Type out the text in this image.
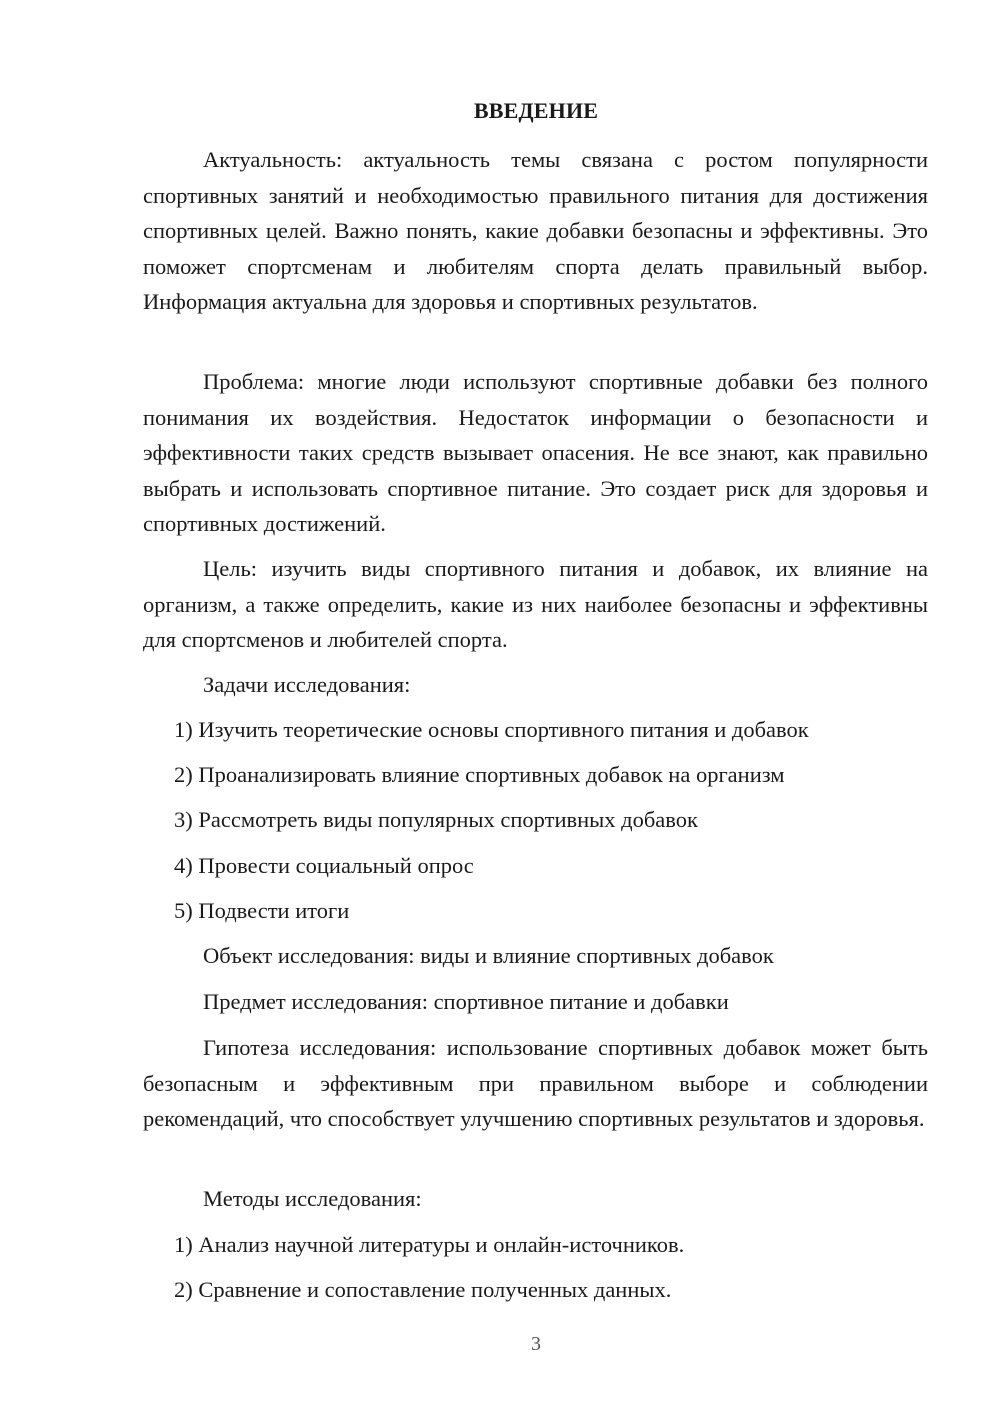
ВВЕДЕНИЕ

Актуальность: актуальность темы связана с ростом популярности спортивных занятий и необходимостью правильного питания для достижения спортивных целей. Важно понять, какие добавки безопасны и эффективны. Это поможет спортсменам и любителям спорта делать правильный выбор. Информация актуальна для здоровья и спортивных результатов.

Проблема: многие люди используют спортивные добавки без полного понимания их воздействия. Недостаток информации о безопасности и эффективности таких средств вызывает опасения. Не все знают, как правильно выбрать и использовать спортивное питание. Это создает риск для здоровья и спортивных достижений.

Цель: изучить виды спортивного питания и добавок, их влияние на организм, а также определить, какие из них наиболее безопасны и эффективны для спортсменов и любителей спорта.

Задачи исследования:

1) Изучить теоретические основы спортивного питания и добавок

2) Проанализировать влияние спортивных добавок на организм

3) Рассмотреть виды популярных спортивных добавок

4) Провести социальный опрос

5) Подвести итоги

Объект исследования: виды и влияние спортивных добавок

Предмет исследования: спортивное питание и добавки

Гипотеза исследования: использование спортивных добавок может быть безопасным и эффективным при правильном выборе и соблюдении рекомендаций, что способствует улучшению спортивных результатов и здоровья.

Методы исследования:

1) Анализ научной литературы и онлайн-источников.

2) Сравнение и сопоставление полученных данных.

3
